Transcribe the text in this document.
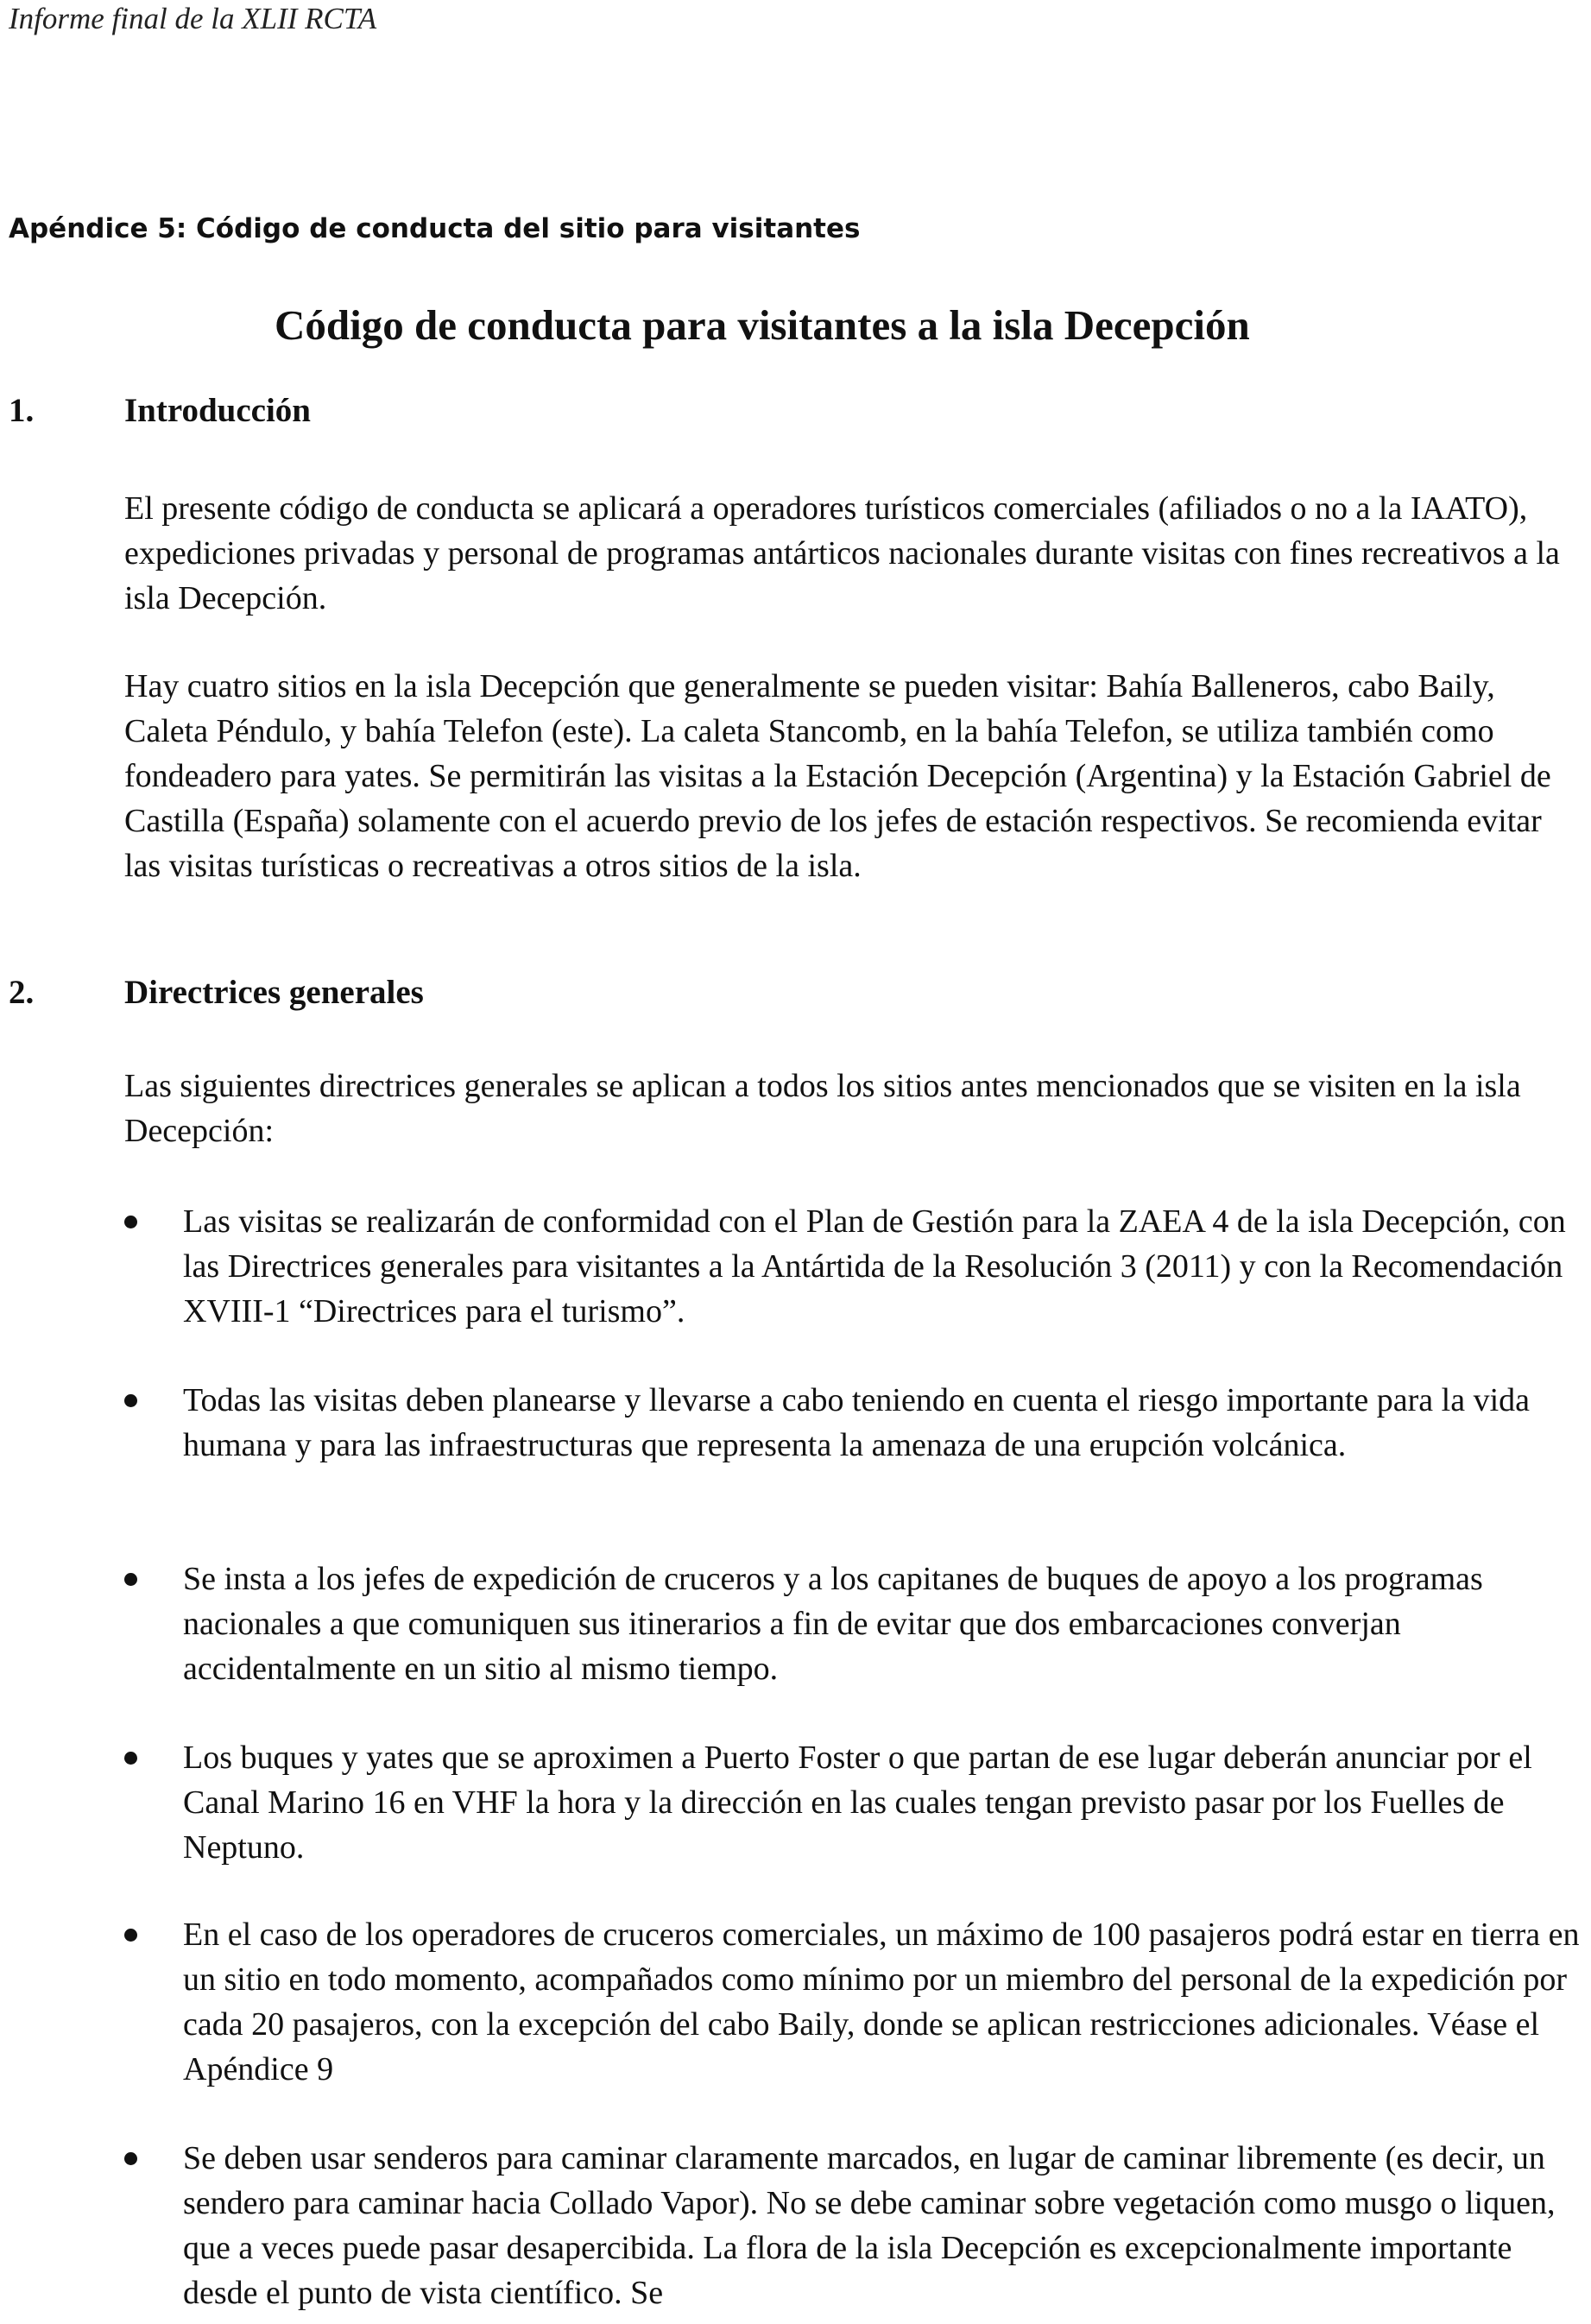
Informe final de la XLII RCTA
Apéndice 5: Código de conducta del sitio para visitantes
Código de conducta para visitantes a la isla Decepción
1.	Introducción

El presente código de conducta se aplicará a operadores turísticos comerciales (afiliados o no a la IAATO), expediciones privadas y personal de programas antárticos nacionales durante visitas con fines recreativos a la isla Decepción.

Hay cuatro sitios en la isla Decepción que generalmente se pueden visitar: Bahía Balleneros, cabo Baily, Caleta Péndulo, y bahía Telefon (este). La caleta Stancomb, en la bahía Telefon, se utiliza también como fondeadero para yates. Se permitirán las visitas a la Estación Decepción (Argentina) y la Estación Gabriel de Castilla (España) solamente con el acuerdo previo de los jefes de estación respectivos. Se recomienda evitar las visitas turísticas o recreativas a otros sitios de la isla.

2.	Directrices generales

Las siguientes directrices generales se aplican a todos los sitios antes mencionados que se visiten en la isla Decepción:

Las visitas se realizarán de conformidad con el Plan de Gestión para la ZAEA 4 de la isla Decepción, con las Directrices generales para visitantes a la Antártida de la Resolución 3 (2011) y con la Recomendación XVIII-1 “Directrices para el turismo”.

Todas las visitas deben planearse y llevarse a cabo teniendo en cuenta el riesgo importante para la vida humana y para las infraestructuras que representa la amenaza de una erupción volcánica.

Se insta a los jefes de expedición de cruceros y a los capitanes de buques de apoyo a los programas nacionales a que comuniquen sus itinerarios a fin de evitar que dos embarcaciones converjan accidentalmente en un sitio al mismo tiempo.

Los buques y yates que se aproximen a Puerto Foster o que partan de ese lugar deberán anunciar por el Canal Marino 16 en VHF la hora y la dirección en las cuales tengan previsto pasar por los Fuelles de Neptuno.

En el caso de los operadores de cruceros comerciales, un máximo de 100 pasajeros podrá estar en tierra en un sitio en todo momento, acompañados como mínimo por un miembro del personal de la expedición por cada 20 pasajeros, con la excepción del cabo Baily, donde se aplican restricciones adicionales. Véase el Apéndice 9

Se deben usar senderos para caminar claramente marcados, en lugar de caminar libremente (es decir, un sendero para caminar hacia Collado Vapor). No se debe caminar sobre vegetación como musgo o liquen, que a veces puede pasar desapercibida. La flora de la isla Decepción es excepcionalmente importante desde el punto de vista científico. Se
